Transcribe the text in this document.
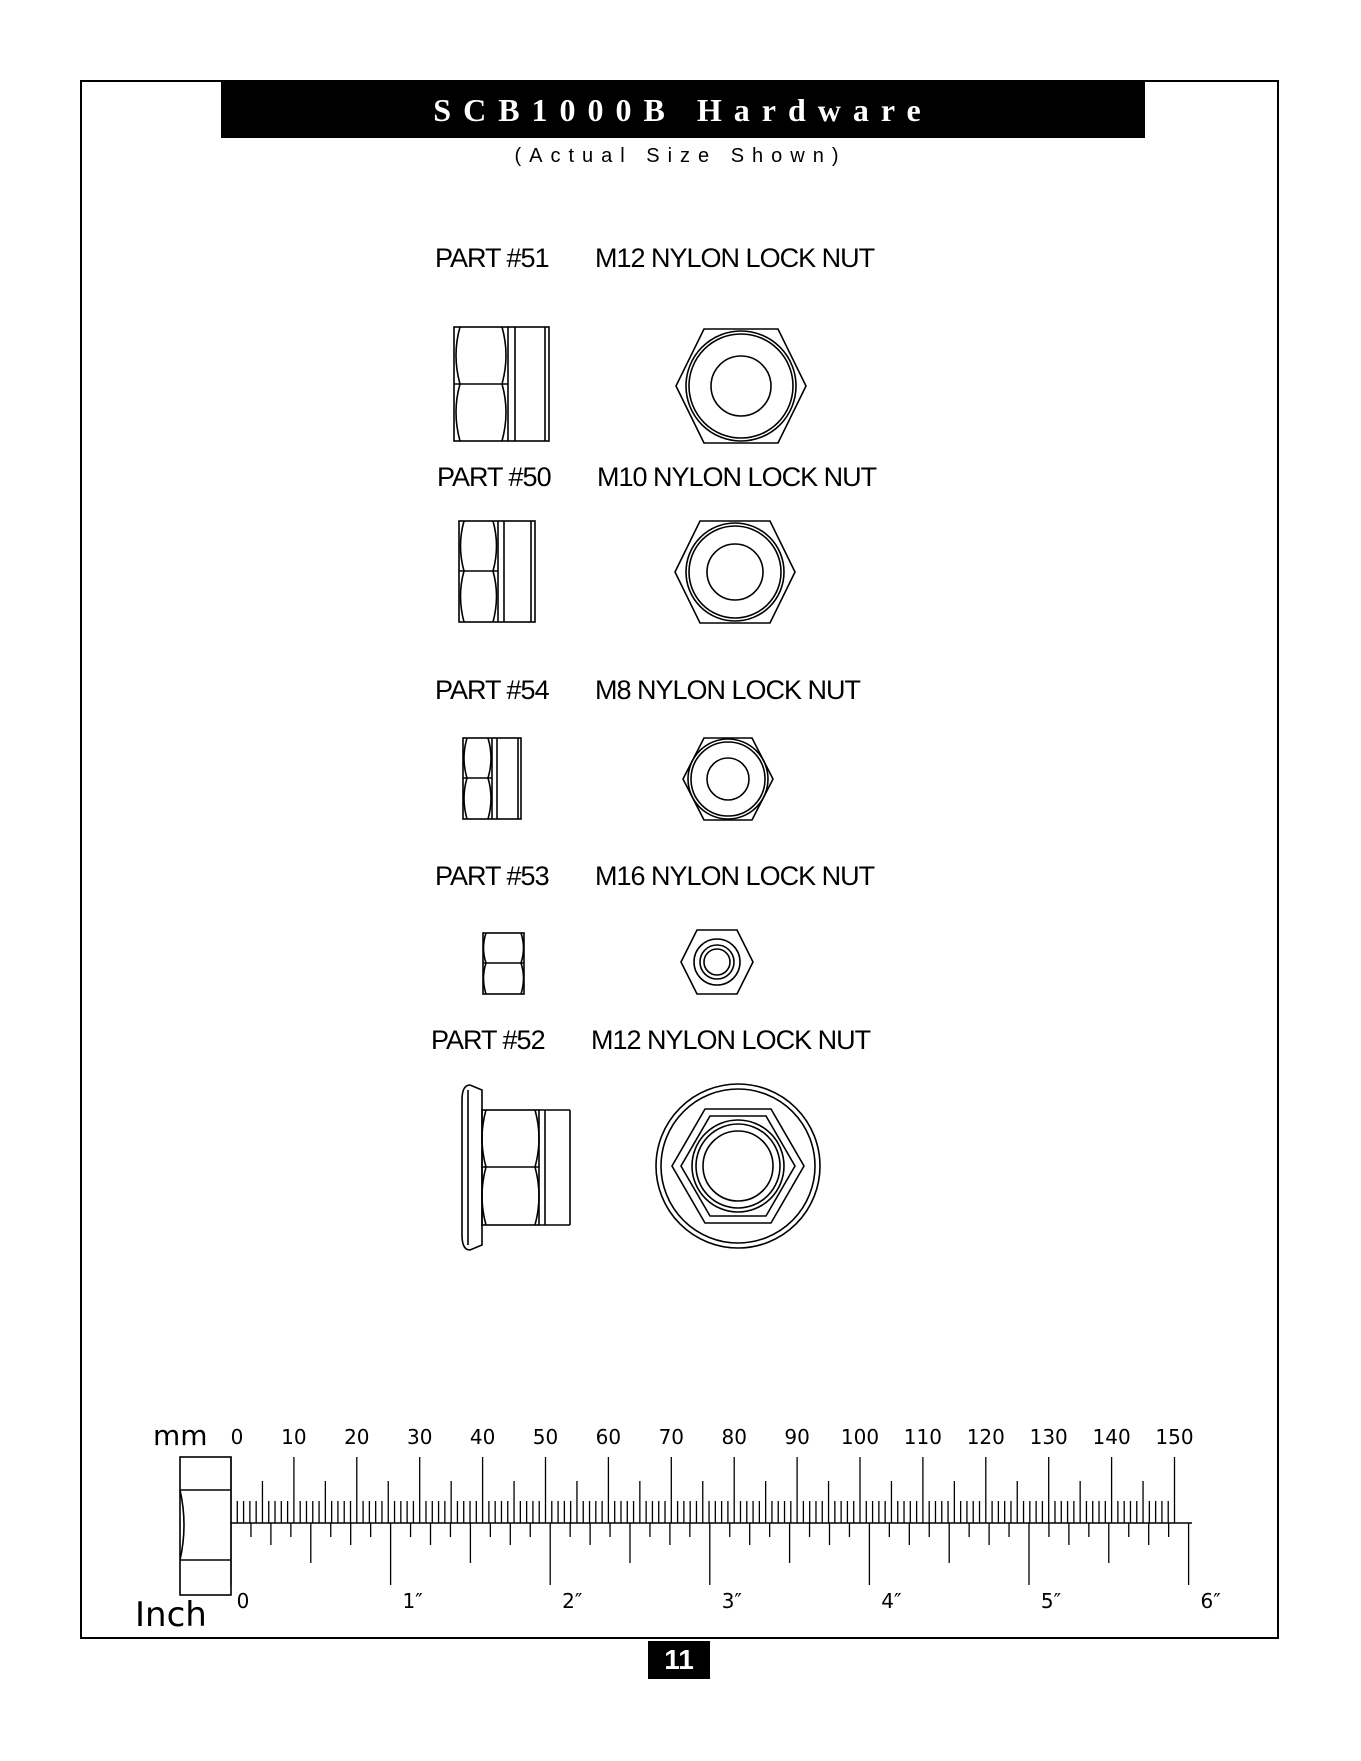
SCB1000B Hardware
(Actual Size Shown)
PART #51 M12 NYLON LOCK NUT
PART #50 M10 NYLON LOCK NUT
PART #54 M8 NYLON LOCK NUT
PART #53 M16 NYLON LOCK NUT
PART #52 M12 NYLON LOCK NUT
0 10 20 30 40 50 60 70 80 90 100 110 120 130 140 150
0	1″	2″	3″	4″	5″	6″
mm
Inch
11
